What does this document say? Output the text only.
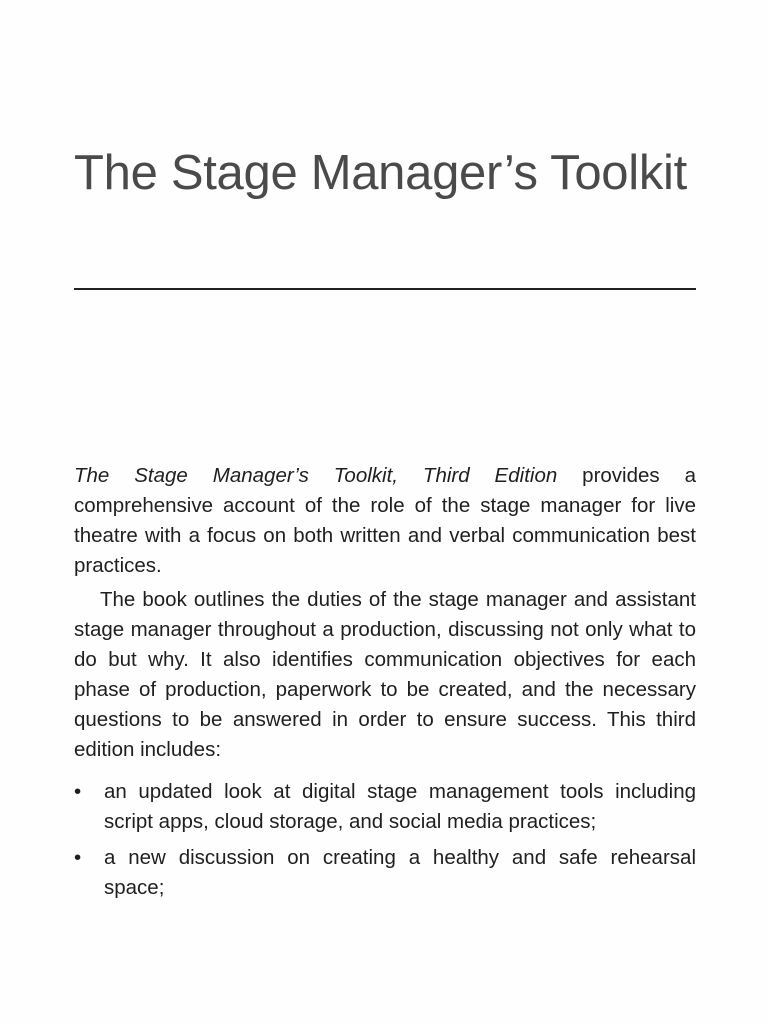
The Stage Manager’s Toolkit

The Stage Manager’s Toolkit, Third Edition provides a comprehensive account of the role of the stage manager for live theatre with a focus on both written and verbal communication best practices.

The book outlines the duties of the stage manager and assistant stage manager throughout a production, discussing not only what to do but why. It also identifies communication objectives for each phase of production, paperwork to be created, and the necessary questions to be answered in order to ensure success. This third edition includes:

• an updated look at digital stage management tools including script apps, cloud storage, and social media practices;
• a new discussion on creating a healthy and safe rehearsal space;
